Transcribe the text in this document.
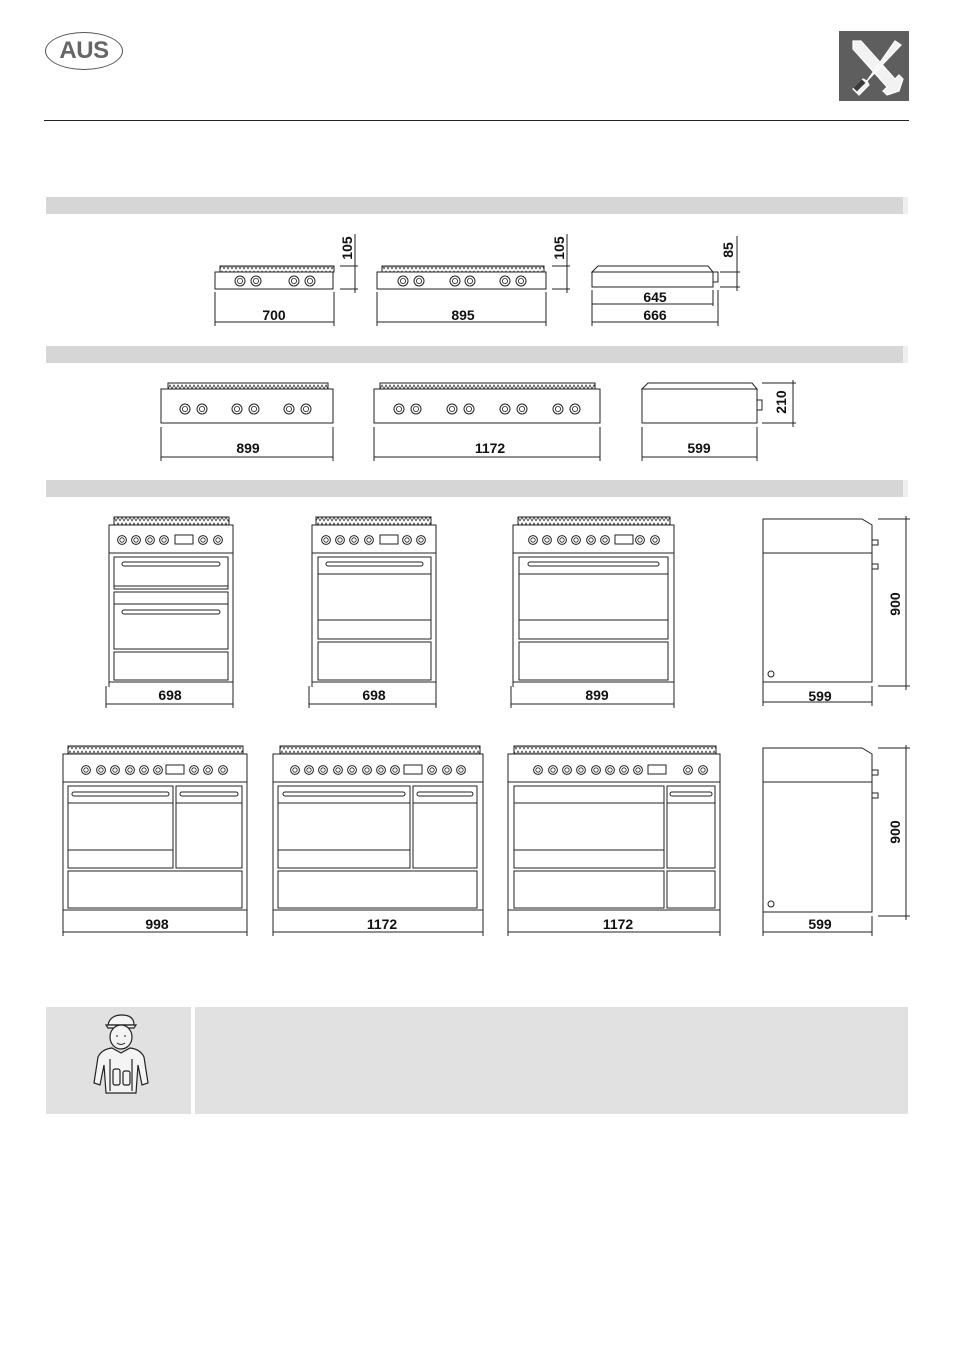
AUS
700
105
895
105
645
666
85
899	1172	599
210
698	698	899	599
900
998	1172	1172	599
900
